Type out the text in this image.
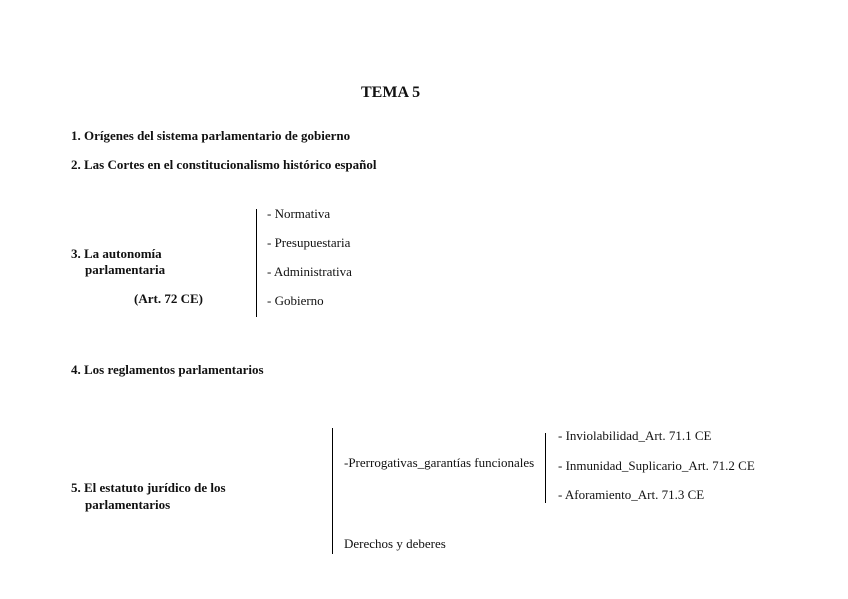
TEMA 5
1. Orígenes del sistema parlamentario de gobierno
2. Las Cortes en el constitucionalismo histórico español
3. La autonomía
parlamentaria
(Art. 72 CE)
- Normativa
- Presupuestaria
- Administrativa
- Gobierno
4. Los reglamentos parlamentarios
5. El estatuto jurídico de los
parlamentarios
-Prerrogativas_garantías funcionales
- Inviolabilidad_Art. 71.1 CE
- Inmunidad_Suplicario_Art. 71.2 CE
- Aforamiento_Art. 71.3 CE
Derechos y deberes
